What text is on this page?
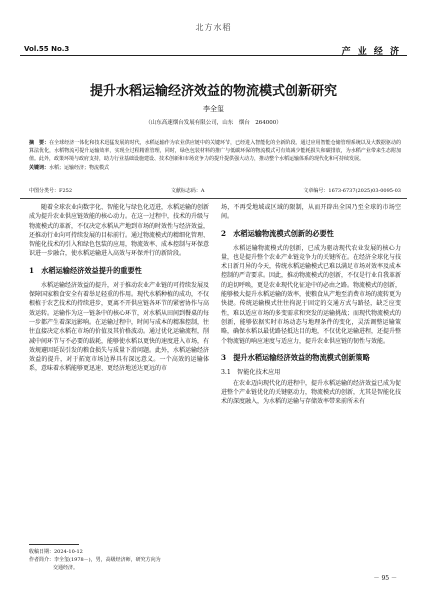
北方水稻
Vol.55 No.3	产 业 经 济
提升水稻运输经济效益的物流模式创新研究
李全玺
（山东高速烟台发展有限公司，山东　烟台　264000）
摘　要：在全球经济一体化和技术迅猛发展的时代，水稻运输作为农业供应链中的关键环节，已经进入智能化的全新阶段。通过应用智能仓储管理系统以及大数据驱动的算法优化，水稻物流可提升运输效率，实现全过程精准管理，同时，绿色包装材料的推广与低碳环保的物流模式可有效减少能耗损失和碳排放，为水稻产业带来生态附加值。此外，政策环境与政府支持，助力行业基础设施建设、技术创新和市场竞争力的提升提供强大动力，推动整个水稻运输体系的现代化和可持续发展。
关键词：水稻；运输经济；物流模式
中图分类号：F252	文献标志码：A	文章编号：1673-6737(2025)03-0095-03

随着全球农业向数字化、智能化与绿色化迈进，水稻运输的创新成为提升农业供应链效能的核心动力。在这一过程中，技术的升级与物流模式的革新，不仅决定水稻从产地到市场的时效性与经济效益，还推动行业向可持续发展的目标前行。通过物流模式的精细化管理、智能化技术的引入和绿色包装的应用，物流效率、成本控制与环保意识进一步融合，使水稻运输进入高效与环保并行的新阶段。

1　水稻运输经济效益提升的重要性

水稻运输经济效益的提升，对于推动农业产业链的可持续发展及保障国家粮食安全有着举足轻重的作用。现代水稻种植的成功，不仅根植于农艺技术的持续进步，更离不开供应链各环节的紧密协作与高效运转。运输作为这一链条中的核心环节，对水稻从田间到餐桌的每一步都产生着深远影响。在运输过程中，时间与成本的精准控制，往往直接决定水稻在市场的价值及其价格波动。通过优化运输流程，削减中间环节与不必要的载耗，能够使水稻以更快的速度进入市场，有效规避因延误引发的粮食损失与质量下滑问题。此外，水稻运输经济效益的提升，对于拓宽市场边界具有深远意义。一个高效的运输体系，意味着水稻能够更迅速、更经济地送达更远的市

场，不再受地域或区域的限制，从而开辟出全国乃至全球的市场空间。

2　水稻运输物流模式创新的必要性

水稻运输物流模式的创新，已成为驱动现代农业发展的核心力量，也是提升整个农业产业链竞争力的关键所在。在经济全球化与技术日新月异的今天，传统水稻运输模式已难以满足市场对效率及成本控制的严苛要求。因此，推动物流模式的创新，不仅是行业自我革新的迫切呼唤，更是农业现代化征途中的必由之路。物流模式的创新，能够极大提升水稻运输的效率，使粮食从产地至消费市场的流转更为快捷。传统运输模式往往拘泥于固定的交通方式与路径，缺乏应变性，难以适应市场的多变需求和突发的运输挑战；而现代物流模式的创新，能够依据实时市场动态与地理条件的变化，灵活调整运输策略，确保水稻以最优路径抵达目的地，不仅优化运输进程，还提升整个物流链的响应速度与适应力，提升农业供应链的韧性与效能。

3　提升水稻运输经济效益的物流模式创新策略
3.1　智能化技术应用

在农业迈向现代化的进程中，提升水稻运输的经济效益已成为促进整个产业链优化的关键驱动力，物流模式的创新，尤其是智能化技术的深度融入，为水稻的运输与存储效率带来前所未有

收稿日期：2024-10-12
作者简介：李全玺(1978－)，男，高级经济师，研究方向为
交通经济。
－ 95 －
